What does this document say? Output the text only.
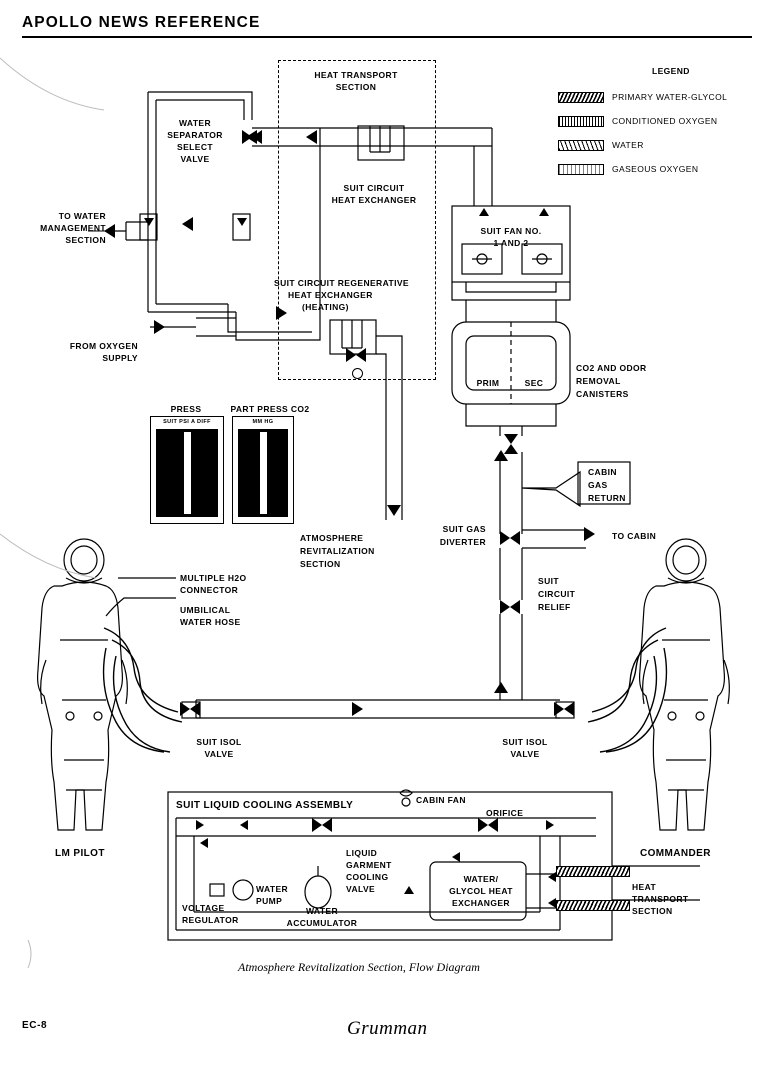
APOLLO NEWS REFERENCE
LEGEND
PRIMARY WATER-GLYCOL
CONDITIONED OXYGEN
WATER
GASEOUS OXYGEN
HEAT TRANSPORT
SECTION
ATMOSPHERE
REVITALIZATION
SECTION
HEAT
TRANSPORT
SECTION
WATER
SEPARATOR
SELECT
VALVE
SUIT CIRCUIT
HEAT EXCHANGER
TO WATER
MANAGEMENT
SECTION
SUIT CIRCUIT REGENERATIVE
HEAT EXCHANGER
(HEATING)
FROM OXYGEN
SUPPLY
SUIT FAN NO.
1 AND 2
PRIM	SEC
CO2 AND ODOR
REMOVAL
CANISTERS
CABIN
GAS
RETURN
TO CABIN
SUIT GAS
DIVERTER
SUIT
CIRCUIT
RELIEF
MULTIPLE H2O
CONNECTOR
UMBILICAL
WATER HOSE
SUIT ISOL
VALVE
SUIT ISOL
VALVE
LM PILOT	COMMANDER
SUIT LIQUID COOLING ASSEMBLY	CABIN FAN
ORIFICE
LIQUID
GARMENT
COOLING
VALVE
WATER
PUMP
VOLTAGE
REGULATOR
WATER
ACCUMULATOR
WATER/
GLYCOL HEAT
EXCHANGER
PRESS
SUIT PSI A DIFF
PART PRESS CO2
MM HG
Atmosphere Revitalization Section, Flow Diagram
EC-8	Grumman
